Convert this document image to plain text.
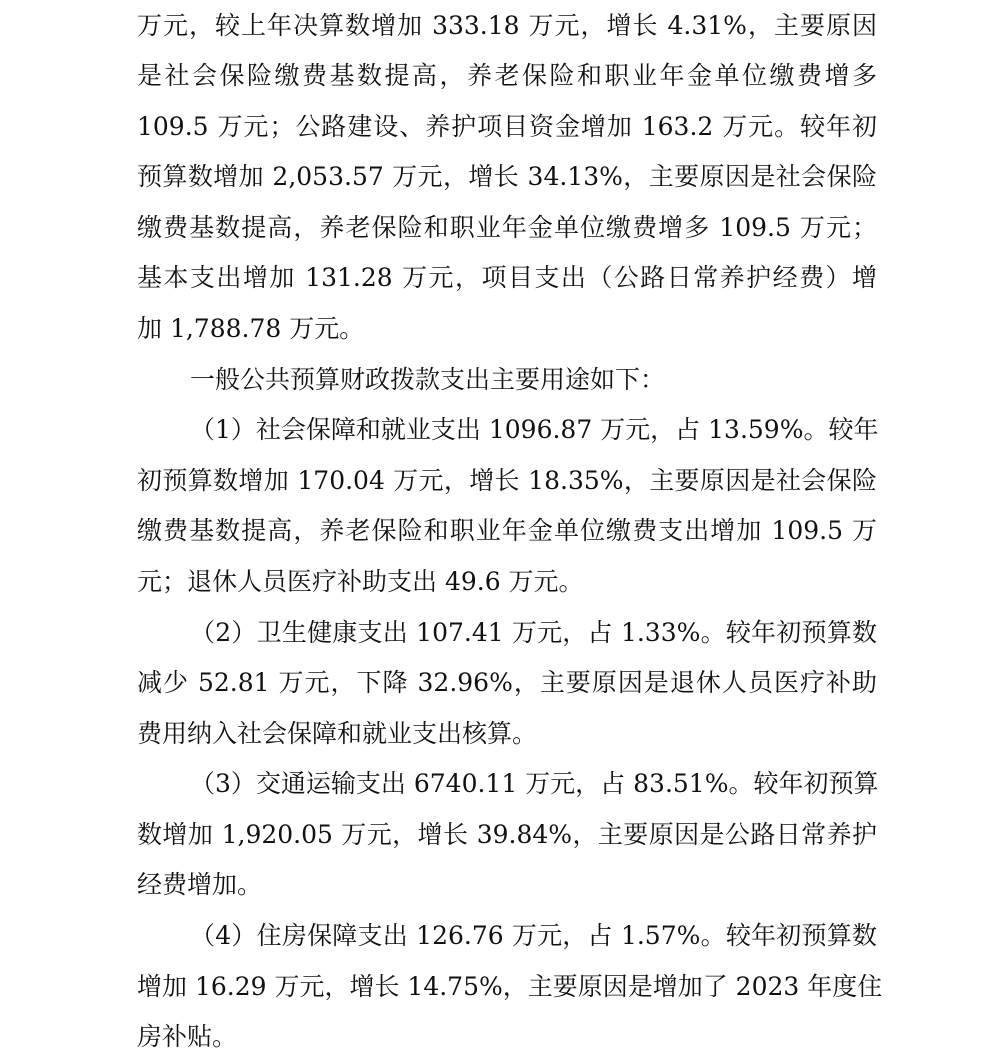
万元，较上年决算数增加 333.18 万元，增长 4.31%，主要原因
是社会保险缴费基数提高，养老保险和职业年金单位缴费增多
109.5 万元；公路建设、养护项目资金增加 163.2 万元。较年初
预算数增加 2,053.57 万元，增长 34.13%，主要原因是社会保险
缴费基数提高，养老保险和职业年金单位缴费增多 109.5 万元；
基本支出增加 131.28 万元，项目支出（公路日常养护经费）增
加 1,788.78 万元。
一般公共预算财政拨款支出主要用途如下：
（1）社会保障和就业支出 1096.87 万元，占 13.59%。较年
初预算数增加 170.04 万元，增长 18.35%，主要原因是社会保险
缴费基数提高，养老保险和职业年金单位缴费支出增加 109.5 万
元；退休人员医疗补助支出 49.6 万元。
（2）卫生健康支出 107.41 万元，占 1.33%。较年初预算数
减少 52.81 万元，下降 32.96%，主要原因是退休人员医疗补助
费用纳入社会保障和就业支出核算。
（3）交通运输支出 6740.11 万元，占 83.51%。较年初预算
数增加 1,920.05 万元，增长 39.84%，主要原因是公路日常养护
经费增加。
（4）住房保障支出 126.76 万元，占 1.57%。较年初预算数
增加 16.29 万元，增长 14.75%，主要原因是增加了 2023 年度住
房补贴。
